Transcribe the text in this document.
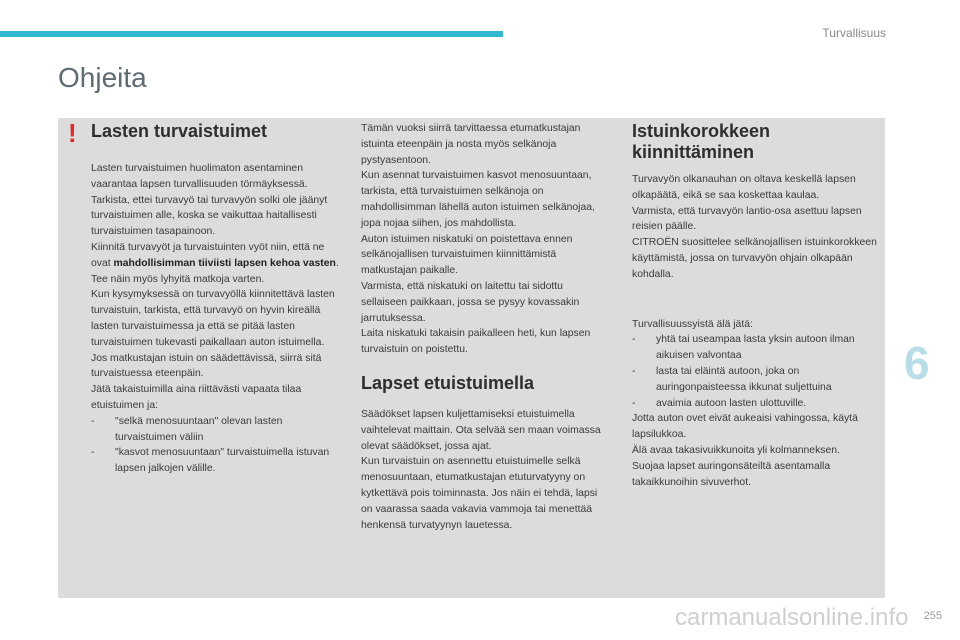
Turvallisuus
Ohjeita
! Lasten turvaistuimet

Lasten turvaistuimen huolimaton asentaminen vaarantaa lapsen turvallisuuden törmäyksessä.

Tarkista, ettei turvavyö tai turvavyön solki ole jäänyt turvaistuimen alle, koska se vaikuttaa haitallisesti turvaistuimen tasapainoon.

Kiinnitä turvavyöt ja turvaistuinten vyöt niin, että ne ovat mahdollisimman tiiviisti lapsen kehoa vasten. Tee näin myös lyhyitä matkoja varten.

Kun kysymyksessä on turvavyöllä kiinnitettävä lasten turvaistuin, tarkista, että turvavyö on hyvin kireällä lasten turvaistuimessa ja että se pitää lasten turvaistuimen tukevasti paikallaan auton istuimella. Jos matkustajan istuin on säädettävissä, siirrä sitä turvaistuessa eteenpäin.

Jätä takaistuimilla aina riittävästi vapaata tilaa etuistuimen ja:

- "selkä menosuuntaan" olevan lasten turvaistuimen väliin

- "kasvot menosuuntaan" turvaistuimella istuvan lapsen jalkojen välille.

Tämän vuoksi siirrä tarvittaessa etumatkustajan istuinta eteenpäin ja nosta myös selkänoja pystyasentoon.

Kun asennat turvaistuimen kasvot menosuuntaan, tarkista, että turvaistuimen selkänoja on mahdollisimman lähellä auton istuimen selkänojaa, jopa nojaa siihen, jos mahdollista.

Auton istuimen niskatuki on poistettava ennen selkänojallisen turvaistuimen kiinnittämistä matkustajan paikalle.

Varmista, että niskatuki on laitettu tai sidottu sellaiseen paikkaan, jossa se pysyy kovassakin jarrutuksessa.

Laita niskatuki takaisin paikalleen heti, kun lapsen turvaistuin on poistettu.

Lapset etuistuimella

Säädökset lapsen kuljettamiseksi etuistuimella vaihtelevat maittain. Ota selvää sen maan voimassa olevat säädökset, jossa ajat.

Kun turvaistuin on asennettu etuistuimelle selkä menosuuntaan, etumatkustajan etuturvatyyny on kytkettävä pois toiminnasta. Jos näin ei tehdä, lapsi on vaarassa saada vakavia vammoja tai menettää henkensä turvatyynyn lauetessa.

Istuinkorokkeen kiinnittäminen

Turvavyön olkanauhan on oltava keskellä lapsen olkapäätä, eikä se saa koskettaa kaulaa.

Varmista, että turvavyön lantio-osa asettuu lapsen reisien päälle.

CITROËN suosittelee selkänojallisen istuinkorokkeen käyttämistä, jossa on turvavyön ohjain olkapään kohdalla.

Turvallisuussyistä älä jätä:

- yhtä tai useampaa lasta yksin autoon ilman aikuisen valvontaa

- lasta tai eläintä autoon, joka on auringonpaisteessa ikkunat suljettuina

- avaimia autoon lasten ulottuville.

Jotta auton ovet eivät aukeaisi vahingossa, käytä lapsilukkoa.

Älä avaa takasivuikkunoita yli kolmanneksen.

Suojaa lapset auringonsäteiltä asentamalla takaikkunoihin sivuverhot.

6
carmanualsonline.info 255
